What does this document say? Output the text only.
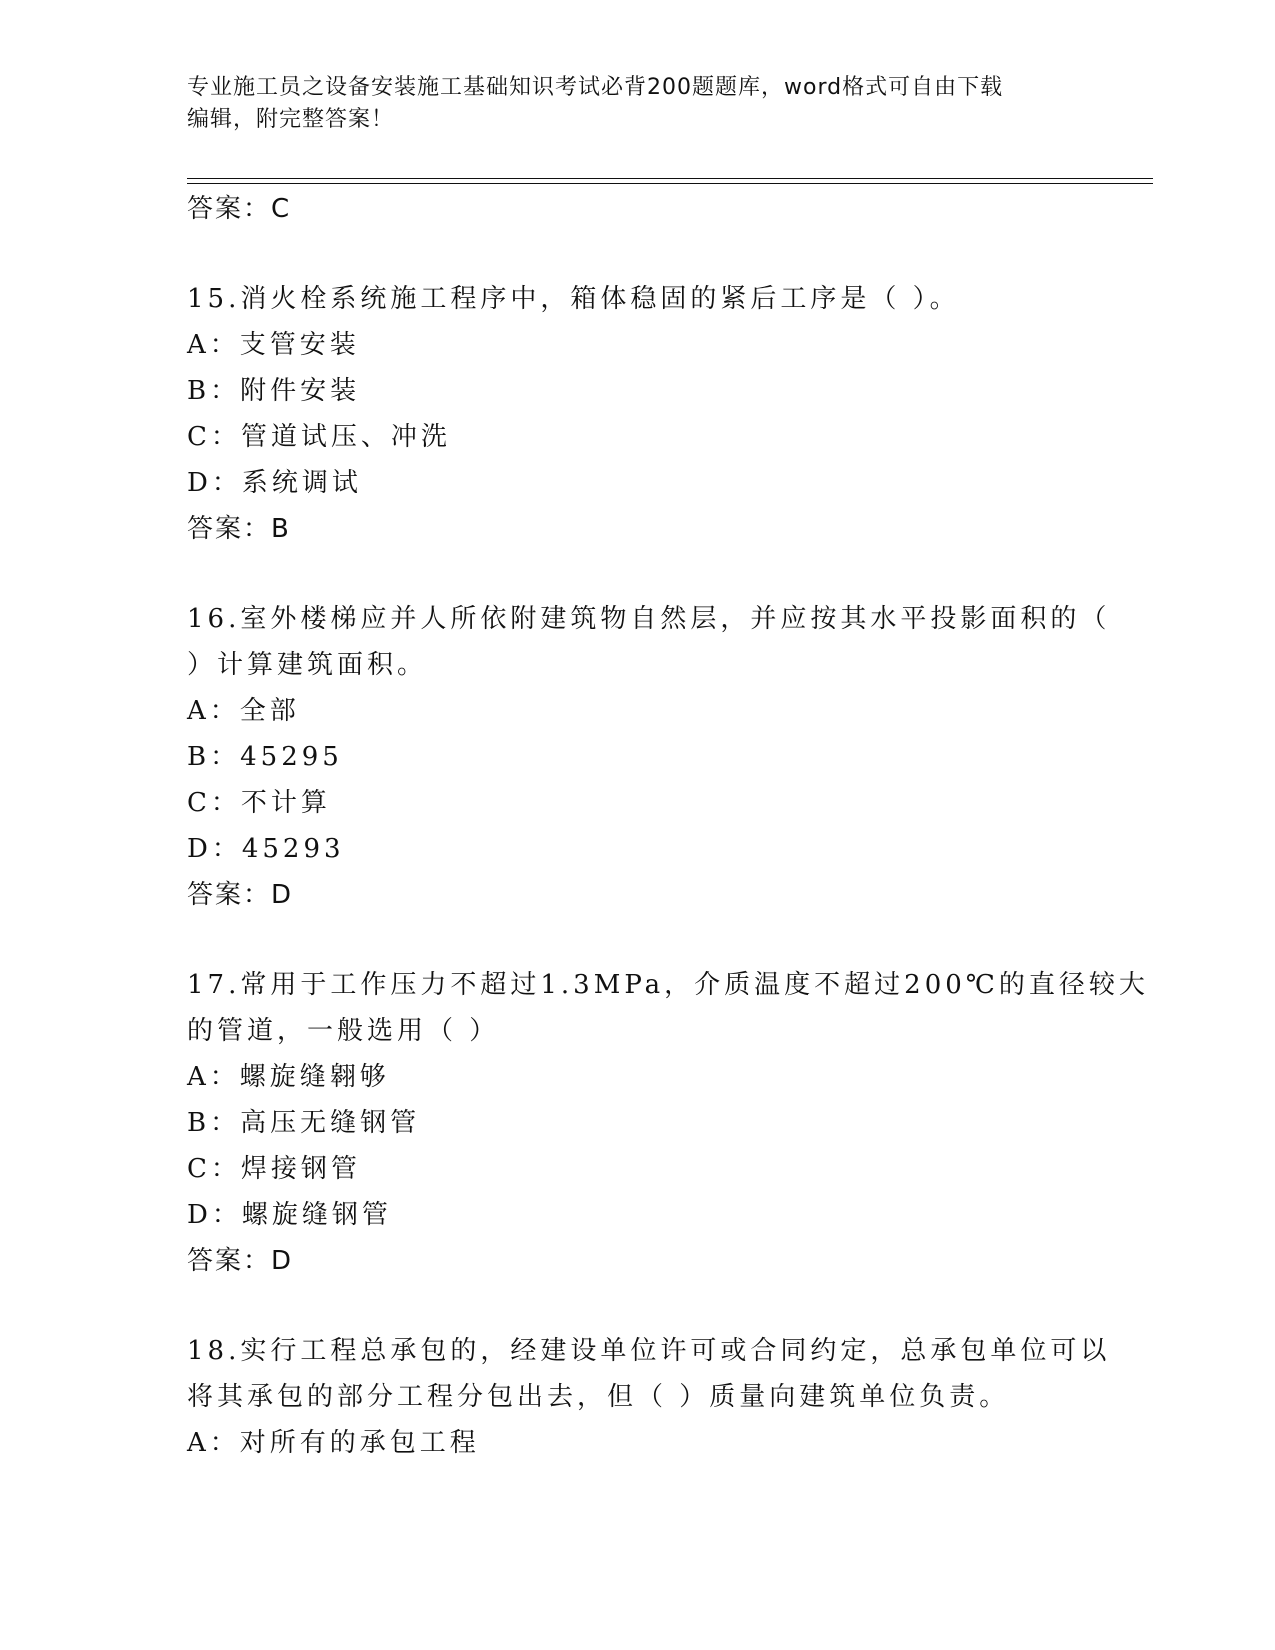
专业施工员之设备安装施工基础知识考试必背200题题库，word格式可自由下载
编辑，附完整答案！
答案：C
15.消火栓系统施工程序中，箱体稳固的紧后工序是（ ）。
A：支管安装
B：附件安装
C：管道试压、冲洗
D：系统调试
答案：B
16.室外楼梯应并人所依附建筑物自然层，并应按其水平投影面积的（
）计算建筑面积。
A：全部
B：45295
C：不计算
D：45293
答案：D
17.常用于工作压力不超过1.3MPa，介质温度不超过200℃的直径较大
的管道，一般选用（ ）
A：螺旋缝翱够
B：高压无缝钢管
C：焊接钢管
D：螺旋缝钢管
答案：D
18.实行工程总承包的，经建设单位许可或合同约定，总承包单位可以
将其承包的部分工程分包出去，但（ ）质量向建筑单位负责。
A：对所有的承包工程
